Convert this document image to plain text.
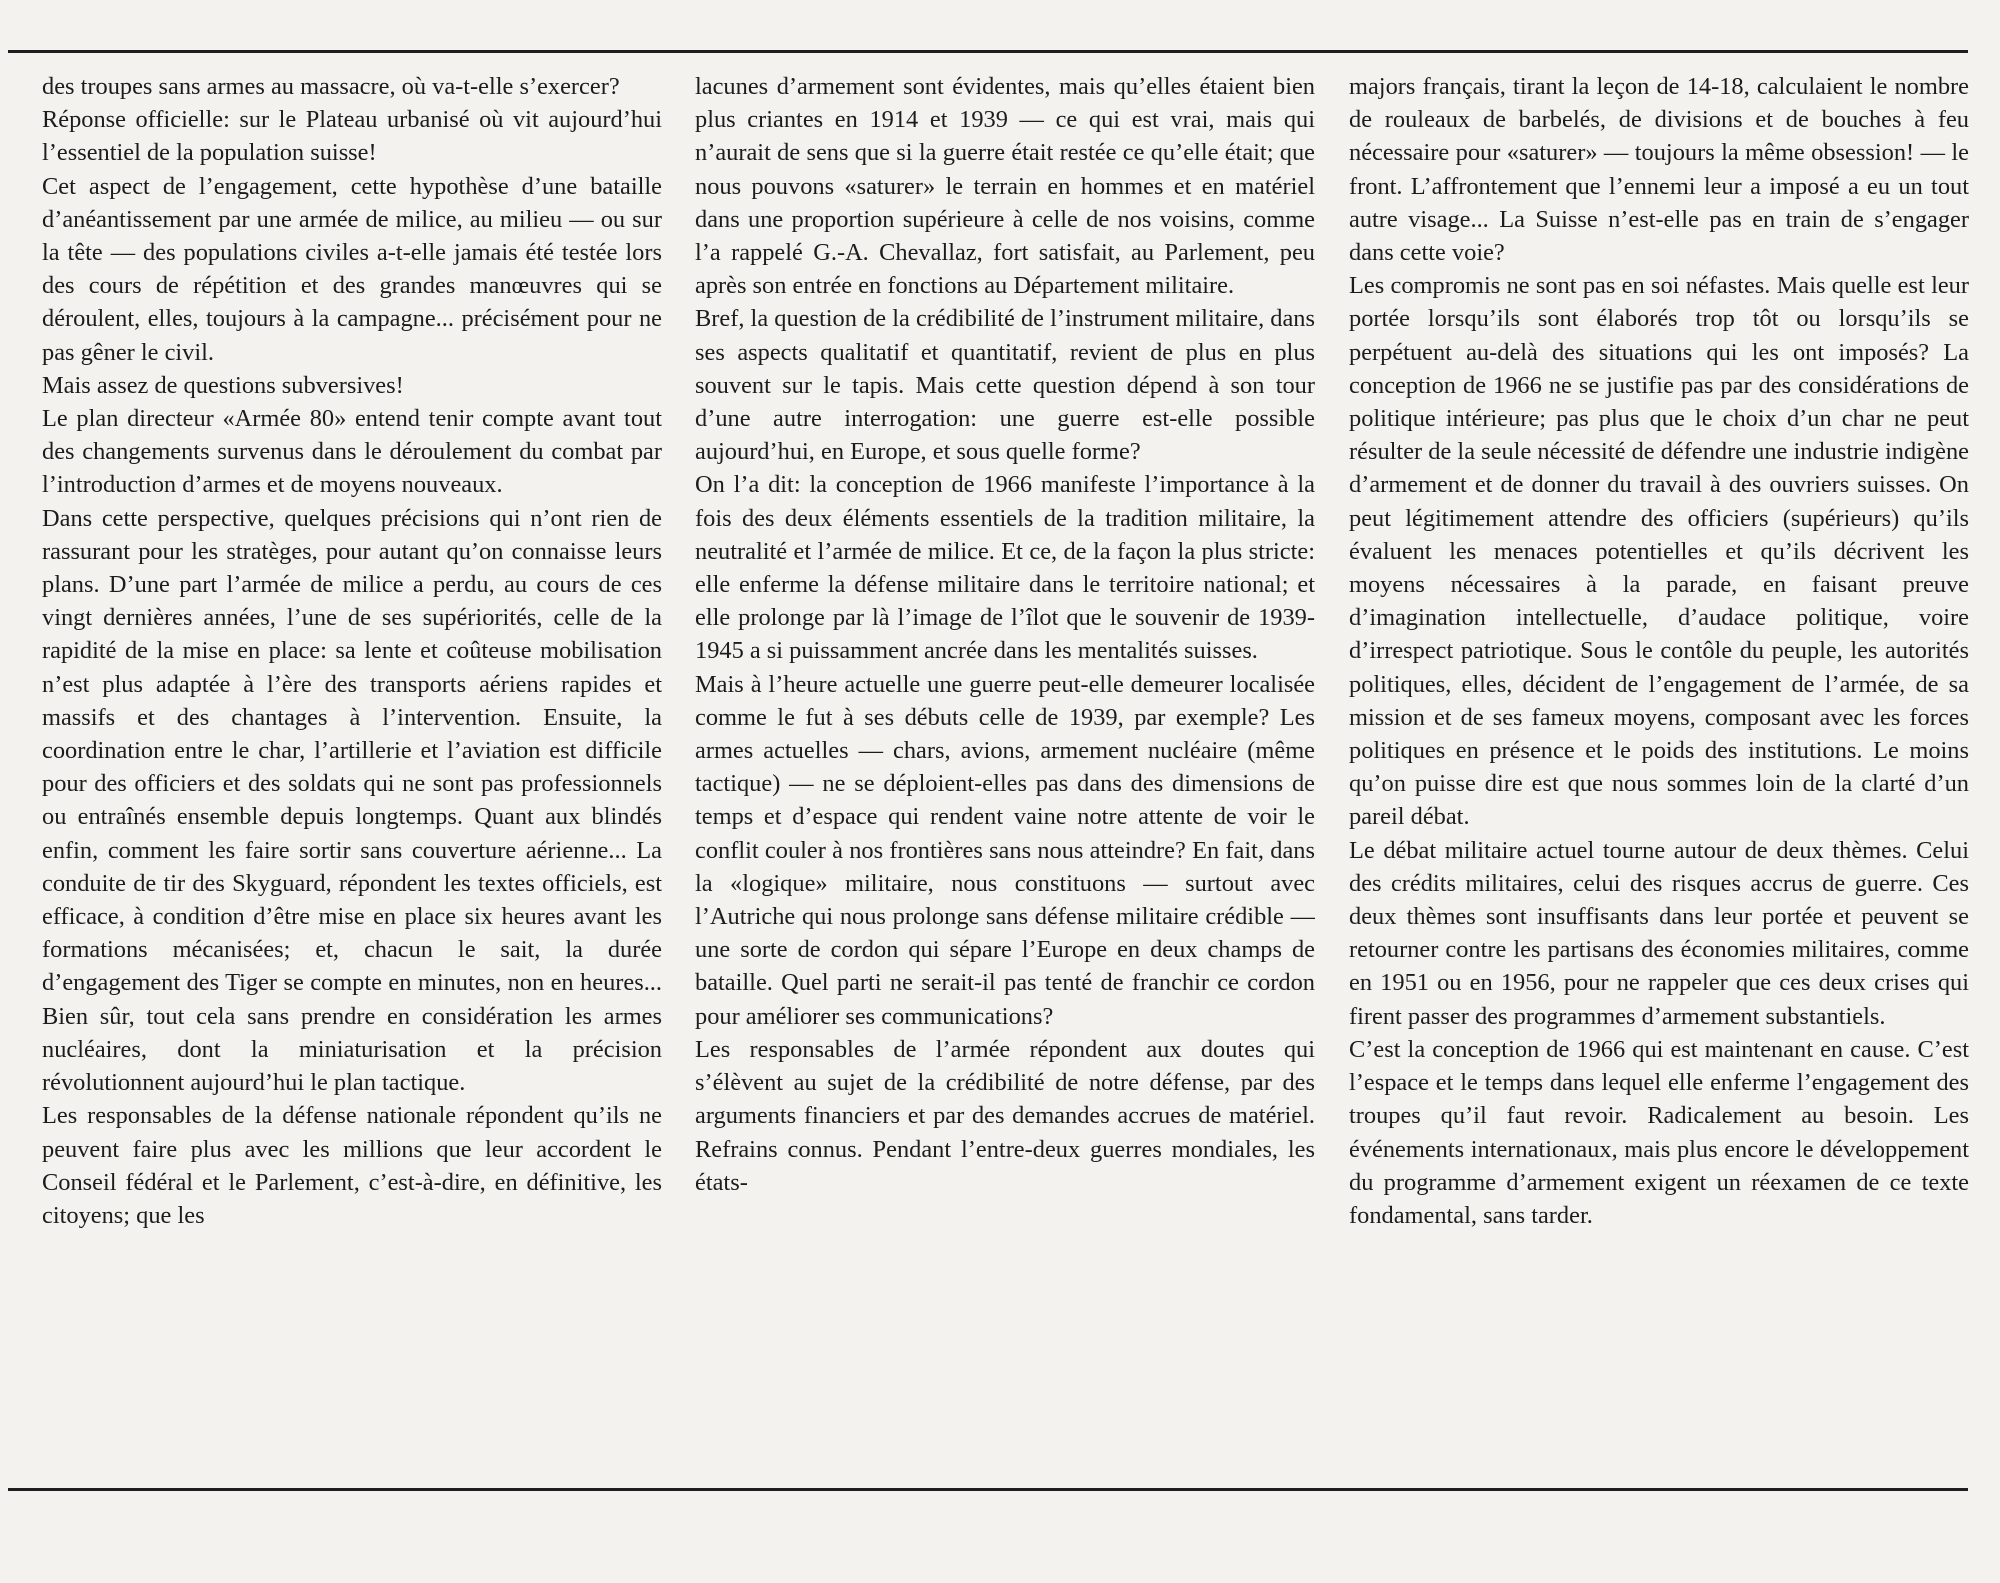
des troupes sans armes au massacre, où va-t-elle s’exercer?

Réponse officielle: sur le Plateau urbanisé où vit aujourd’hui l’essentiel de la population suisse!

Cet aspect de l’engagement, cette hypothèse d’une bataille d’anéantissement par une armée de milice, au milieu — ou sur la tête — des populations civiles a-t-elle jamais été testée lors des cours de répétition et des grandes manœuvres qui se déroulent, elles, toujours à la campagne... précisément pour ne pas gêner le civil.

Mais assez de questions subversives!

Le plan directeur «Armée 80» entend tenir compte avant tout des changements survenus dans le déroulement du combat par l’introduction d’armes et de moyens nouveaux.

Dans cette perspective, quelques précisions qui n’ont rien de rassurant pour les stratèges, pour autant qu’on connaisse leurs plans. D’une part l’armée de milice a perdu, au cours de ces vingt dernières années, l’une de ses supériorités, celle de la rapidité de la mise en place: sa lente et coûteuse mobilisation n’est plus adaptée à l’ère des transports aériens rapides et massifs et des chantages à l’intervention. Ensuite, la coordination entre le char, l’artillerie et l’aviation est difficile pour des officiers et des soldats qui ne sont pas professionnels ou entraînés ensemble depuis longtemps. Quant aux blindés enfin, comment les faire sortir sans couverture aérienne... La conduite de tir des Skyguard, répondent les textes officiels, est efficace, à condition d’être mise en place six heures avant les formations mécanisées; et, chacun le sait, la durée d’engagement des Tiger se compte en minutes, non en heures... Bien sûr, tout cela sans prendre en considération les armes nucléaires, dont la miniaturisation et la précision révolutionnent aujourd’hui le plan tactique.

Les responsables de la défense nationale répondent qu’ils ne peuvent faire plus avec les millions que leur accordent le Conseil fédéral et le Parlement, c’est-à-dire, en définitive, les citoyens; que les

lacunes d’armement sont évidentes, mais qu’elles étaient bien plus criantes en 1914 et 1939 — ce qui est vrai, mais qui n’aurait de sens que si la guerre était restée ce qu’elle était; que nous pouvons «saturer» le terrain en hommes et en matériel dans une proportion supérieure à celle de nos voisins, comme l’a rappelé G.-A. Chevallaz, fort satisfait, au Parlement, peu après son entrée en fonctions au Département militaire.

Bref, la question de la crédibilité de l’instrument militaire, dans ses aspects qualitatif et quantitatif, revient de plus en plus souvent sur le tapis. Mais cette question dépend à son tour d’une autre interrogation: une guerre est-elle possible aujourd’hui, en Europe, et sous quelle forme?

On l’a dit: la conception de 1966 manifeste l’importance à la fois des deux éléments essentiels de la tradition militaire, la neutralité et l’armée de milice. Et ce, de la façon la plus stricte: elle enferme la défense militaire dans le territoire national; et elle prolonge par là l’image de l’îlot que le souvenir de 1939-1945 a si puissamment ancrée dans les mentalités suisses.

Mais à l’heure actuelle une guerre peut-elle demeurer localisée comme le fut à ses débuts celle de 1939, par exemple? Les armes actuelles — chars, avions, armement nucléaire (même tactique) — ne se déploient-elles pas dans des dimensions de temps et d’espace qui rendent vaine notre attente de voir le conflit couler à nos frontières sans nous atteindre? En fait, dans la «logique» militaire, nous constituons — surtout avec l’Autriche qui nous prolonge sans défense militaire crédible — une sorte de cordon qui sépare l’Europe en deux champs de bataille. Quel parti ne serait-il pas tenté de franchir ce cordon pour améliorer ses communications?

Les responsables de l’armée répondent aux doutes qui s’élèvent au sujet de la crédibilité de notre défense, par des arguments financiers et par des demandes accrues de matériel. Refrains connus. Pendant l’entre-deux guerres mondiales, les états-

majors français, tirant la leçon de 14-18, calculaient le nombre de rouleaux de barbelés, de divisions et de bouches à feu nécessaire pour «saturer» — toujours la même obsession! — le front. L’affrontement que l’ennemi leur a imposé a eu un tout autre visage... La Suisse n’est-elle pas en train de s’engager dans cette voie?

Les compromis ne sont pas en soi néfastes. Mais quelle est leur portée lorsqu’ils sont élaborés trop tôt ou lorsqu’ils se perpétuent au-delà des situations qui les ont imposés? La conception de 1966 ne se justifie pas par des considérations de politique intérieure; pas plus que le choix d’un char ne peut résulter de la seule nécessité de défendre une industrie indigène d’armement et de donner du travail à des ouvriers suisses. On peut légitimement attendre des officiers (supérieurs) qu’ils évaluent les menaces potentielles et qu’ils décrivent les moyens nécessaires à la parade, en faisant preuve d’imagination intellectuelle, d’audace politique, voire d’irrespect patriotique. Sous le contôle du peuple, les autorités politiques, elles, décident de l’engagement de l’armée, de sa mission et de ses fameux moyens, composant avec les forces politiques en présence et le poids des institutions. Le moins qu’on puisse dire est que nous sommes loin de la clarté d’un pareil débat.

Le débat militaire actuel tourne autour de deux thèmes. Celui des crédits militaires, celui des risques accrus de guerre. Ces deux thèmes sont insuffisants dans leur portée et peuvent se retourner contre les partisans des économies militaires, comme en 1951 ou en 1956, pour ne rappeler que ces deux crises qui firent passer des programmes d’armement substantiels.

C’est la conception de 1966 qui est maintenant en cause. C’est l’espace et le temps dans lequel elle enferme l’engagement des troupes qu’il faut revoir. Radicalement au besoin. Les événements internationaux, mais plus encore le développement du programme d’armement exigent un réexamen de ce texte fondamental, sans tarder.
